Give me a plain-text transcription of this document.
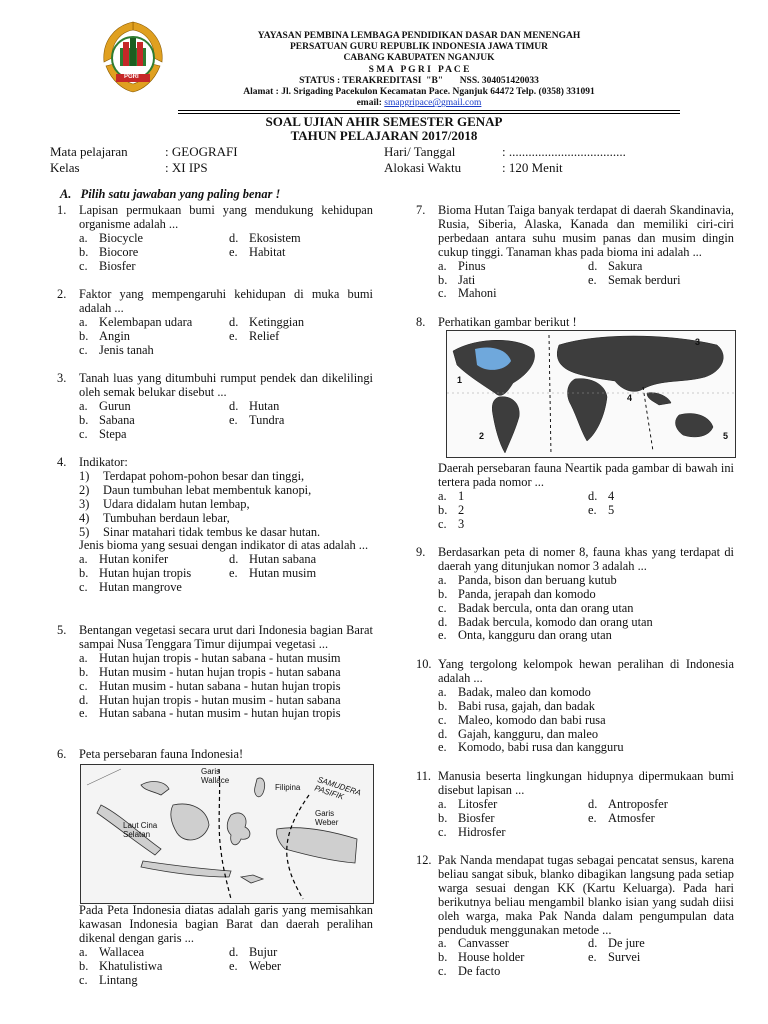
PGRI
YAYASAN PEMBINA LEMBAGA PENDIDIKAN DASAR DAN MENENGAH
PERSATUAN GURU REPUBLIK INDONESIA JAWA TIMUR
CABANG KABUPATEN NGANJUK
S M A   P G R I   P A C E
STATUS : TERAKREDITASI  "B"       NSS. 304051420033
Alamat : Jl. Srigading Pacekulon Kecamatan Pace. Nganjuk 64472 Telp. (0358) 331091
email: smapgripace@gmail.com
SOAL UJIAN AHIR SEMESTER GENAP
TAHUN PELAJARAN 2017/2018
Mata pelajaran	: GEOGRAFI
Kelas	: XI IPS
Hari/ Tanggal	: ....................................
Alokasi Waktu	: 120 Menit
A.   Pilih satu jawaban yang paling benar !
1. Lapisan permukaan bumi yang mendukung kehidupan organisme adalah ...
a. Biocycle	d. Ekosistem
b. Biocore	e. Habitat
c. Biosfer
2. Faktor yang mempengaruhi kehidupan di muka bumi adalah ...
a. Kelembapan udara	d. Ketinggian
b. Angin	e. Relief
c. Jenis tanah
3. Tanah luas yang ditumbuhi rumput pendek dan dikelilingi oleh semak belukar disebut ...
a. Gurun	d. Hutan
b. Sabana	e. Tundra
c. Stepa
4. Indikator:
1)	Terdapat pohom-pohon besar dan tinggi,
2)	Daun tumbuhan lebat membentuk kanopi,
3)	Udara didalam hutan lembap,
4)	Tumbuhan berdaun lebar,
5)	Sinar matahari tidak tembus ke dasar hutan.
Jenis bioma yang sesuai dengan indikator di atas adalah ...
a. Hutan konifer	d. Hutan sabana
b. Hutan hujan tropis	e. Hutan musim
c. Hutan mangrove
5. Bentangan vegetasi secara urut dari Indonesia bagian Barat sampai Nusa Tenggara Timur dijumpai vegetasi ...
a. Hutan hujan tropis - hutan sabana - hutan musim
b. Hutan musim - hutan hujan tropis - hutan sabana
c. Hutan musim - hutan sabana - hutan hujan tropis
d. Hutan hujan tropis - hutan musim - hutan sabana
e. Hutan sabana - hutan musim - hutan hujan tropis
6. Peta persebaran fauna Indonesia!
Garis Wallace
Filipina
Garis Weber
Laut Cina Selatan
SAMUDERA PASIFIK
Pada Peta Indonesia diatas adalah garis yang memisahkan kawasan Indonesia bagian Barat dan daerah peralihan dikenal dengan garis ...
a. Wallacea	d. Bujur
b. Khatulistiwa	e. Weber
c. Lintang
7. Bioma Hutan Taiga banyak terdapat di daerah Skandinavia, Rusia, Siberia, Alaska, Kanada dan memiliki ciri-ciri perbedaan antara suhu musim panas dan musim dingin cukup tinggi. Tanaman khas pada bioma ini adalah ...
a. Pinus	d. Sakura
b. Jati	e. Semak berduri
c. Mahoni
8. Perhatikan gambar berikut !
1
2
3
4
5
Daerah persebaran fauna Neartik pada gambar di bawah ini tertera pada nomor ...
a. 1	d. 4
b. 2	e. 5
c. 3
9. Berdasarkan peta di nomer 8, fauna khas yang terdapat di daerah yang ditunjukan nomor 3 adalah ...
a. Panda, bison dan beruang kutub
b. Panda, jerapah dan komodo
c. Badak bercula, onta dan orang utan
d. Badak bercula, komodo dan orang utan
e. Onta, kangguru dan orang utan
10. Yang tergolong kelompok hewan peralihan di Indonesia adalah ...
a. Badak, maleo dan komodo
b. Babi rusa, gajah, dan badak
c. Maleo, komodo dan babi rusa
d. Gajah, kangguru, dan maleo
e. Komodo, babi rusa dan kangguru
11. Manusia beserta lingkungan hidupnya dipermukaan bumi disebut lapisan ...
a. Litosfer	d. Antroposfer
b. Biosfer	e. Atmosfer
c. Hidrosfer
12. Pak Nanda mendapat tugas sebagai pencatat sensus, karena beliau sangat sibuk, blanko dibagikan langsung pada setiap warga sesuai dengan KK (Kartu Keluarga). Pada hari berikutnya beliau mengambil blanko isian yang sudah diisi oleh warga, maka Pak Nanda dalam pengumpulan data penduduk menggunakan metode ...
a. Canvasser	d. De jure
b. House holder	e. Survei
c. De facto
